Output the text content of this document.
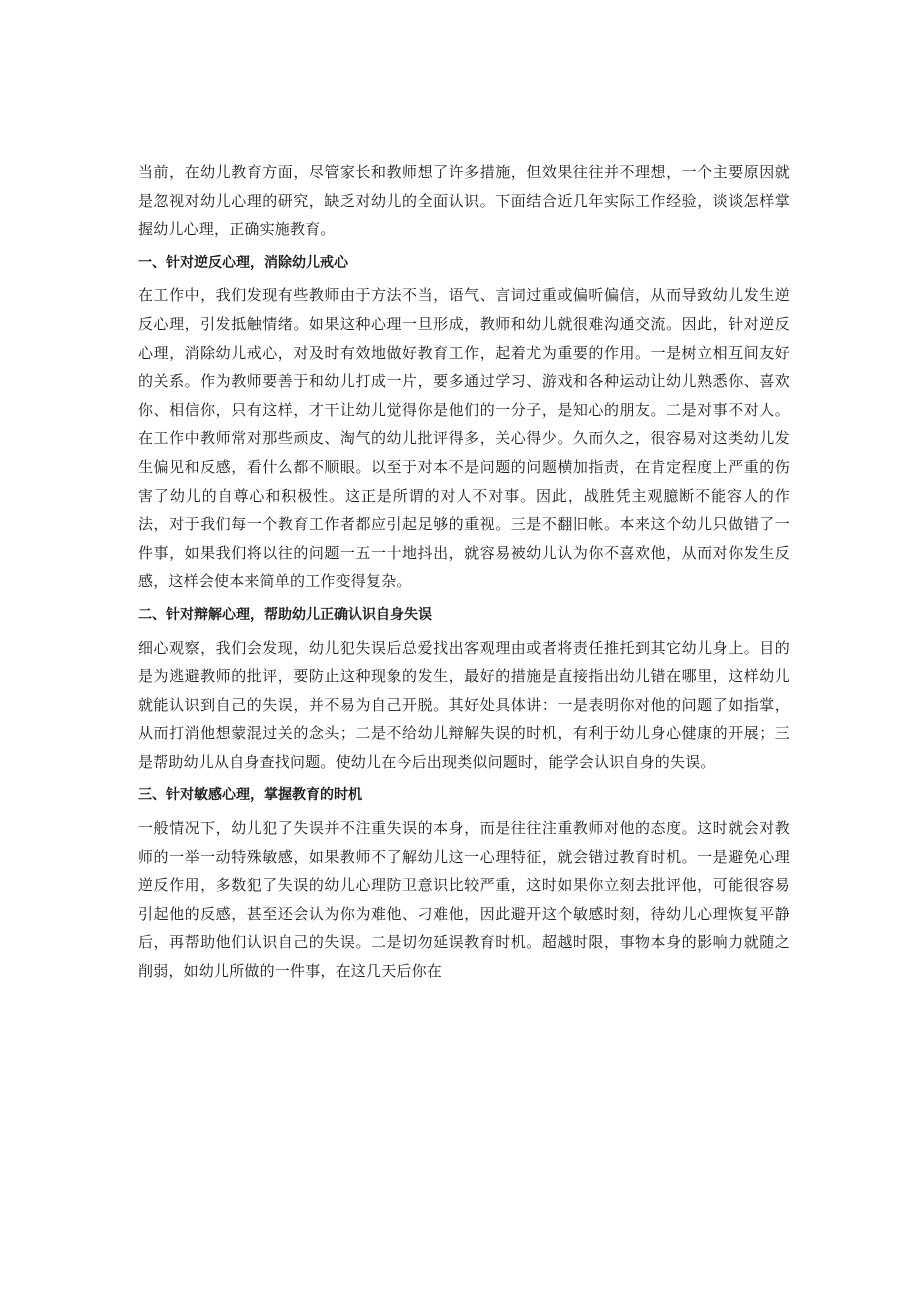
当前，在幼儿教育方面，尽管家长和教师想了许多措施，但效果往往并不理想，一个主要原因就是忽视对幼儿心理的研究，缺乏对幼儿的全面认识。下面结合近几年实际工作经验，谈谈怎样掌握幼儿心理，正确实施教育。

一、针对逆反心理，消除幼儿戒心

在工作中，我们发现有些教师由于方法不当，语气、言词过重或偏听偏信，从而导致幼儿发生逆反心理，引发抵触情绪。如果这种心理一旦形成，教师和幼儿就很难沟通交流。因此，针对逆反心理，消除幼儿戒心，对及时有效地做好教育工作，起着尤为重要的作用。一是树立相互间友好的关系。作为教师要善于和幼儿打成一片，要多通过学习、游戏和各种运动让幼儿熟悉你、喜欢你、相信你，只有这样，才干让幼儿觉得你是他们的一分子，是知心的朋友。二是对事不对人。在工作中教师常对那些顽皮、淘气的幼儿批评得多，关心得少。久而久之，很容易对这类幼儿发生偏见和反感，看什么都不顺眼。以至于对本不是问题的问题横加指责，在肯定程度上严重的伤害了幼儿的自尊心和积极性。这正是所谓的对人不对事。因此，战胜凭主观臆断不能容人的作法，对于我们每一个教育工作者都应引起足够的重视。三是不翻旧帐。本来这个幼儿只做错了一件事，如果我们将以往的问题一五一十地抖出，就容易被幼儿认为你不喜欢他，从而对你发生反感，这样会使本来简单的工作变得复杂。

二、针对辩解心理，帮助幼儿正确认识自身失误

细心观察，我们会发现，幼儿犯失误后总爱找出客观理由或者将责任推托到其它幼儿身上。目的是为逃避教师的批评，要防止这种现象的发生，最好的措施是直接指出幼儿错在哪里，这样幼儿就能认识到自己的失误，并不易为自己开脱。其好处具体讲：一是表明你对他的问题了如指掌，从而打消他想蒙混过关的念头；二是不给幼儿辩解失误的时机，有利于幼儿身心健康的开展；三是帮助幼儿从自身查找问题。使幼儿在今后出现类似问题时，能学会认识自身的失误。

三、针对敏感心理，掌握教育的时机

一般情况下，幼儿犯了失误并不注重失误的本身，而是往往注重教师对他的态度。这时就会对教师的一举一动特殊敏感，如果教师不了解幼儿这一心理特征，就会错过教育时机。一是避免心理逆反作用，多数犯了失误的幼儿心理防卫意识比较严重，这时如果你立刻去批评他，可能很容易引起他的反感，甚至还会认为你为难他、刁难他，因此避开这个敏感时刻，待幼儿心理恢复平静后，再帮助他们认识自己的失误。二是切勿延误教育时机。超越时限，事物本身的影响力就随之削弱，如幼儿所做的一件事，在这几天后你在
